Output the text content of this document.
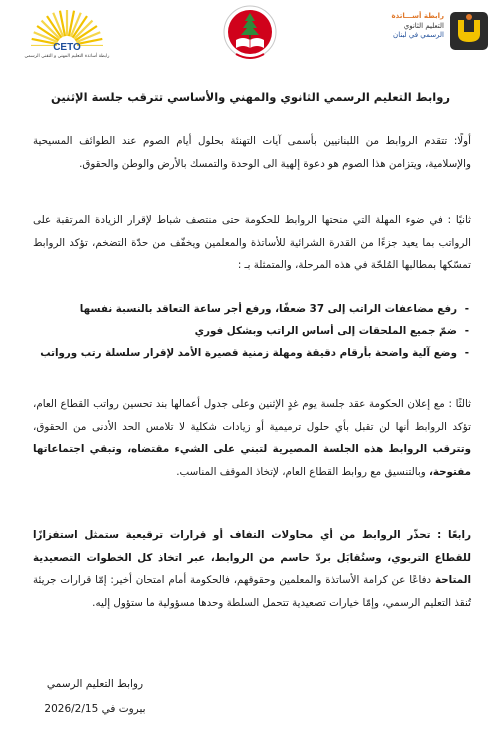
CETO
رابطة أساتذة التعليم المهني و التقني الرسمي
رابطة أســـاتذة
التعليم الثانوي
الرسمي في لبنان
روابط التعليم الرسمي الثانوي والمهني والأساسي تترقب جلسة الإثنين

أولًا: تتقدم الروابط من اللبنانيين بأسمى آيات التهنئة بحلول أيام الصوم عند الطوائف المسيحية والإسلامية، ويتزامن هذا الصوم هو دعوة إلهية الى الوحدة والتمسك بالأرض والوطن والحقوق.

ثانيًا : في ضوء المهلة التي منحتها الروابط للحكومة حتى منتصف شباط لإقرار الزيادة المرتقبة على الرواتب بما يعيد جزءًا من القدرة الشرائية للأساتذة والمعلمين ويخفّف من حدّة التضخم، تؤكد الروابط تمسّكها بمطالبها المُلحّة في هذه المرحلة، والمتمثلة بـ :

- رفع مضاعفات الراتب إلى 37 ضعفًا، ورفع أجر ساعة التعاقد بالنسبة نفسها
- ضمّ جميع الملحقات إلى أساس الراتب وبشكل فوري
- وضع آلية واضحة بأرقام دقيقة ومهلة زمنية قصيرة الأمد لإقرار سلسلة رتب ورواتب

ثالثًا : مع إعلان الحكومة عقد جلسة يوم غدٍ الإثنين وعلى جدول أعمالها بند تحسين رواتب القطاع العام، تؤكد الروابط أنها لن تقبل بأي حلول ترميمية أو زيادات شكلية لا تلامس الحد الأدنى من الحقوق، وتترقب الروابط هذه الجلسة المصيرية لتبني على الشيء مقتضاه، وتبقي اجتماعاتها مفتوحة، وبالتنسيق مع روابط القطاع العام، لإتخاذ الموقف المناسب.

رابعًا : تحذّر الروابط من أي محاولات التفاف أو قرارات ترقيعية ستمثل استفزازًا للقطاع التربوي، وستُقابَل بردّ حاسم من الروابط، عبر اتخاذ كل الخطوات التصعيدية المتاحة دفاعًا عن كرامة الأساتذة والمعلمين وحقوقهم، فالحكومة أمام امتحان أخير: إمّا قرارات جريئة تُنقذ التعليم الرسمي، وإمّا خيارات تصعيدية تتحمل السلطة وحدها مسؤولية ما ستؤول إليه.

روابط التعليم الرسمي
بيروت في 2026/2/15
